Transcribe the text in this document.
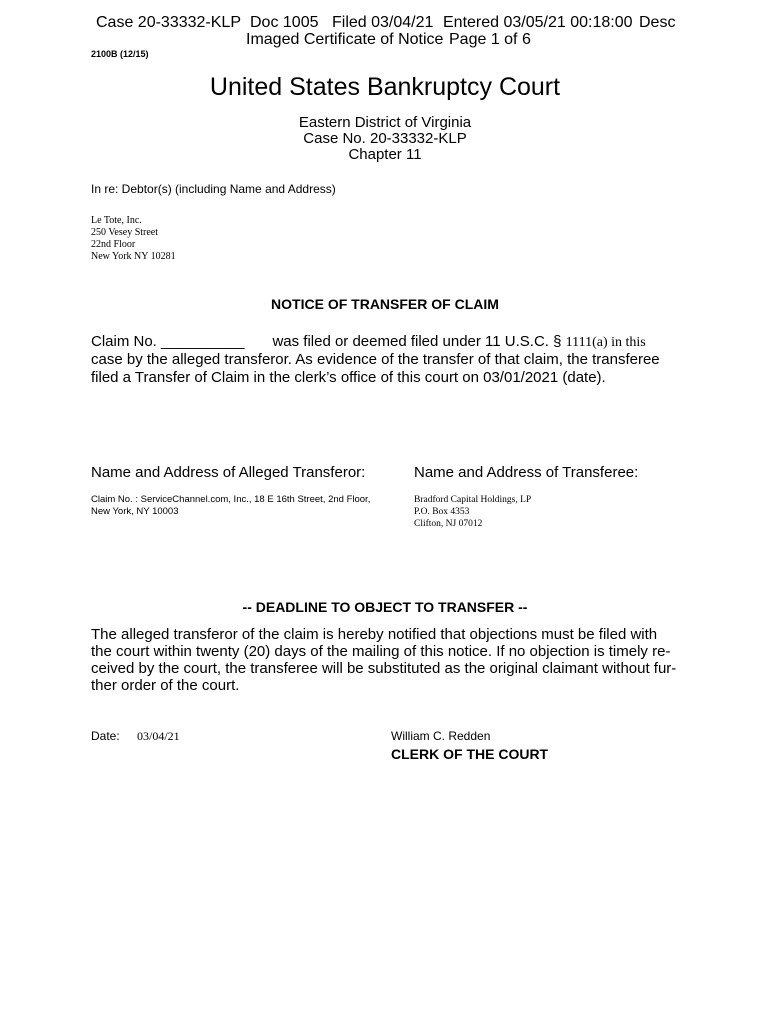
Case 20-33332-KLP Doc 1005 Filed 03/04/21 Entered 03/05/21 00:18:00 Desc
Imaged Certificate of Notice Page 1 of 6
2100B (12/15)
United States Bankruptcy Court
Eastern District of Virginia
Case No. 20-33332-KLP
Chapter 11
In re: Debtor(s) (including Name and Address)
Le Tote, Inc.
250 Vesey Street
22nd Floor
New York NY 10281
NOTICE OF TRANSFER OF CLAIM
Claim No. __________ was filed or deemed filed under 11 U.S.C. § 1111(a) in this
case by the alleged transferor. As evidence of the transfer of that claim, the transferee
filed a Transfer of Claim in the clerk’s office of this court on 03/01/2021 (date).
Name and Address of Alleged Transferor:	Name and Address of Transferee:
Claim No. : ServiceChannel.com, Inc., 18 E 16th Street, 2nd Floor,
New York, NY 10003
Bradford Capital Holdings, LP
P.O. Box 4353
Clifton, NJ 07012
-- DEADLINE TO OBJECT TO TRANSFER --
The alleged transferor of the claim is hereby notified that objections must be filed with
the court within twenty (20) days of the mailing of this notice. If no objection is timely re-
ceived by the court, the transferee will be substituted as the original claimant without fur-
ther order of the court.
Date: 03/04/21	William C. Redden
CLERK OF THE COURT
